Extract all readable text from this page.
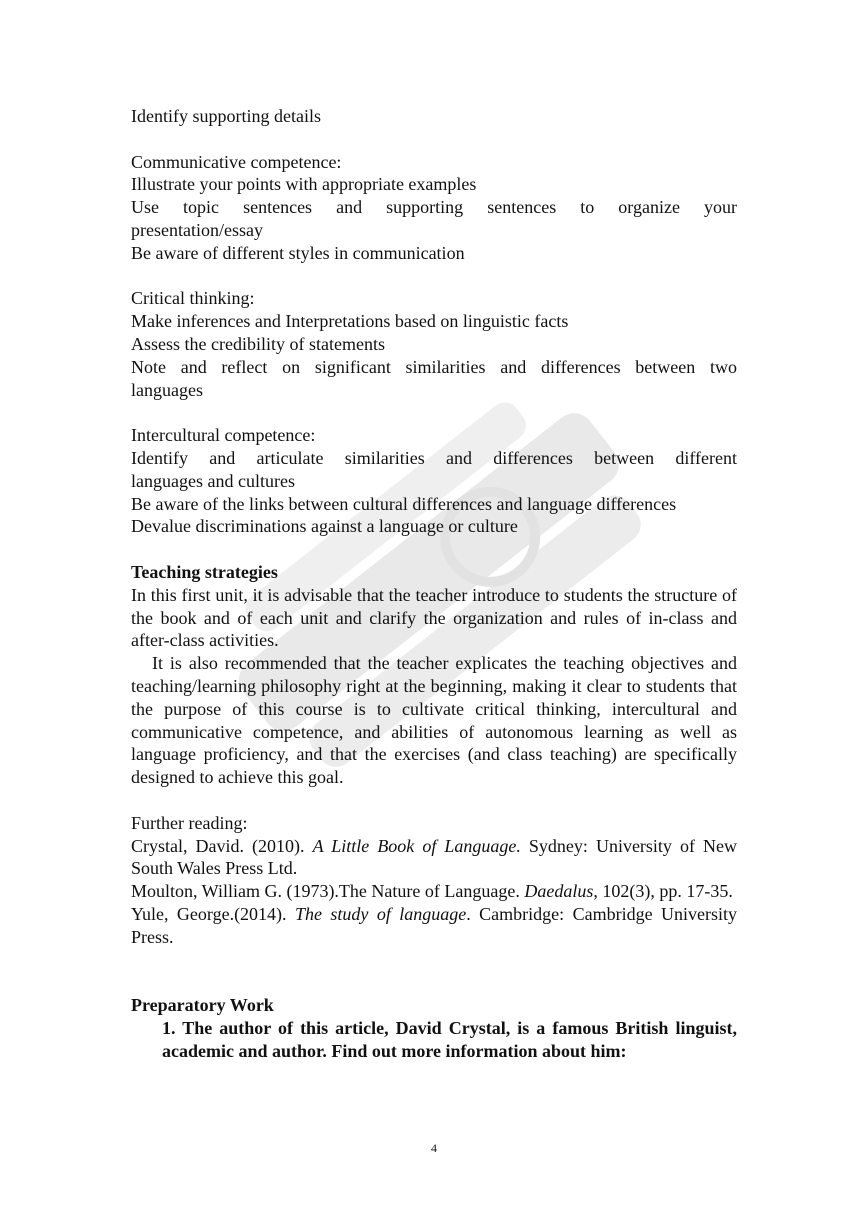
Identify supporting details
Communicative competence:
Illustrate your points with appropriate examples
Use topic sentences and supporting sentences to organize your
presentation/essay
Be aware of different styles in communication
Critical thinking:
Make inferences and Interpretations based on linguistic facts
Assess the credibility of statements
Note and reflect on significant similarities and differences between two
languages
Intercultural competence:
Identify and articulate similarities and differences between different
languages and cultures
Be aware of the links between cultural differences and language differences
Devalue discriminations against a language or culture
Teaching strategies
In this first unit, it is advisable that the teacher introduce to students the structure of the book and of each unit and clarify the organization and rules of in-class and after-class activities.
It is also recommended that the teacher explicates the teaching objectives and teaching/learning philosophy right at the beginning, making it clear to students that the purpose of this course is to cultivate critical thinking, intercultural and communicative competence, and abilities of autonomous learning as well as language proficiency, and that the exercises (and class teaching) are specifically designed to achieve this goal.
Further reading:
Crystal, David. (2010). A Little Book of Language. Sydney: University of New South Wales Press Ltd.
Moulton, William G. (1973).The Nature of Language. Daedalus, 102(3), pp. 17-35.
Yule, George.(2014). The study of language. Cambridge: Cambridge University Press.
Preparatory Work
1. The author of this article, David Crystal, is a famous British linguist, academic and author. Find out more information about him:
4
